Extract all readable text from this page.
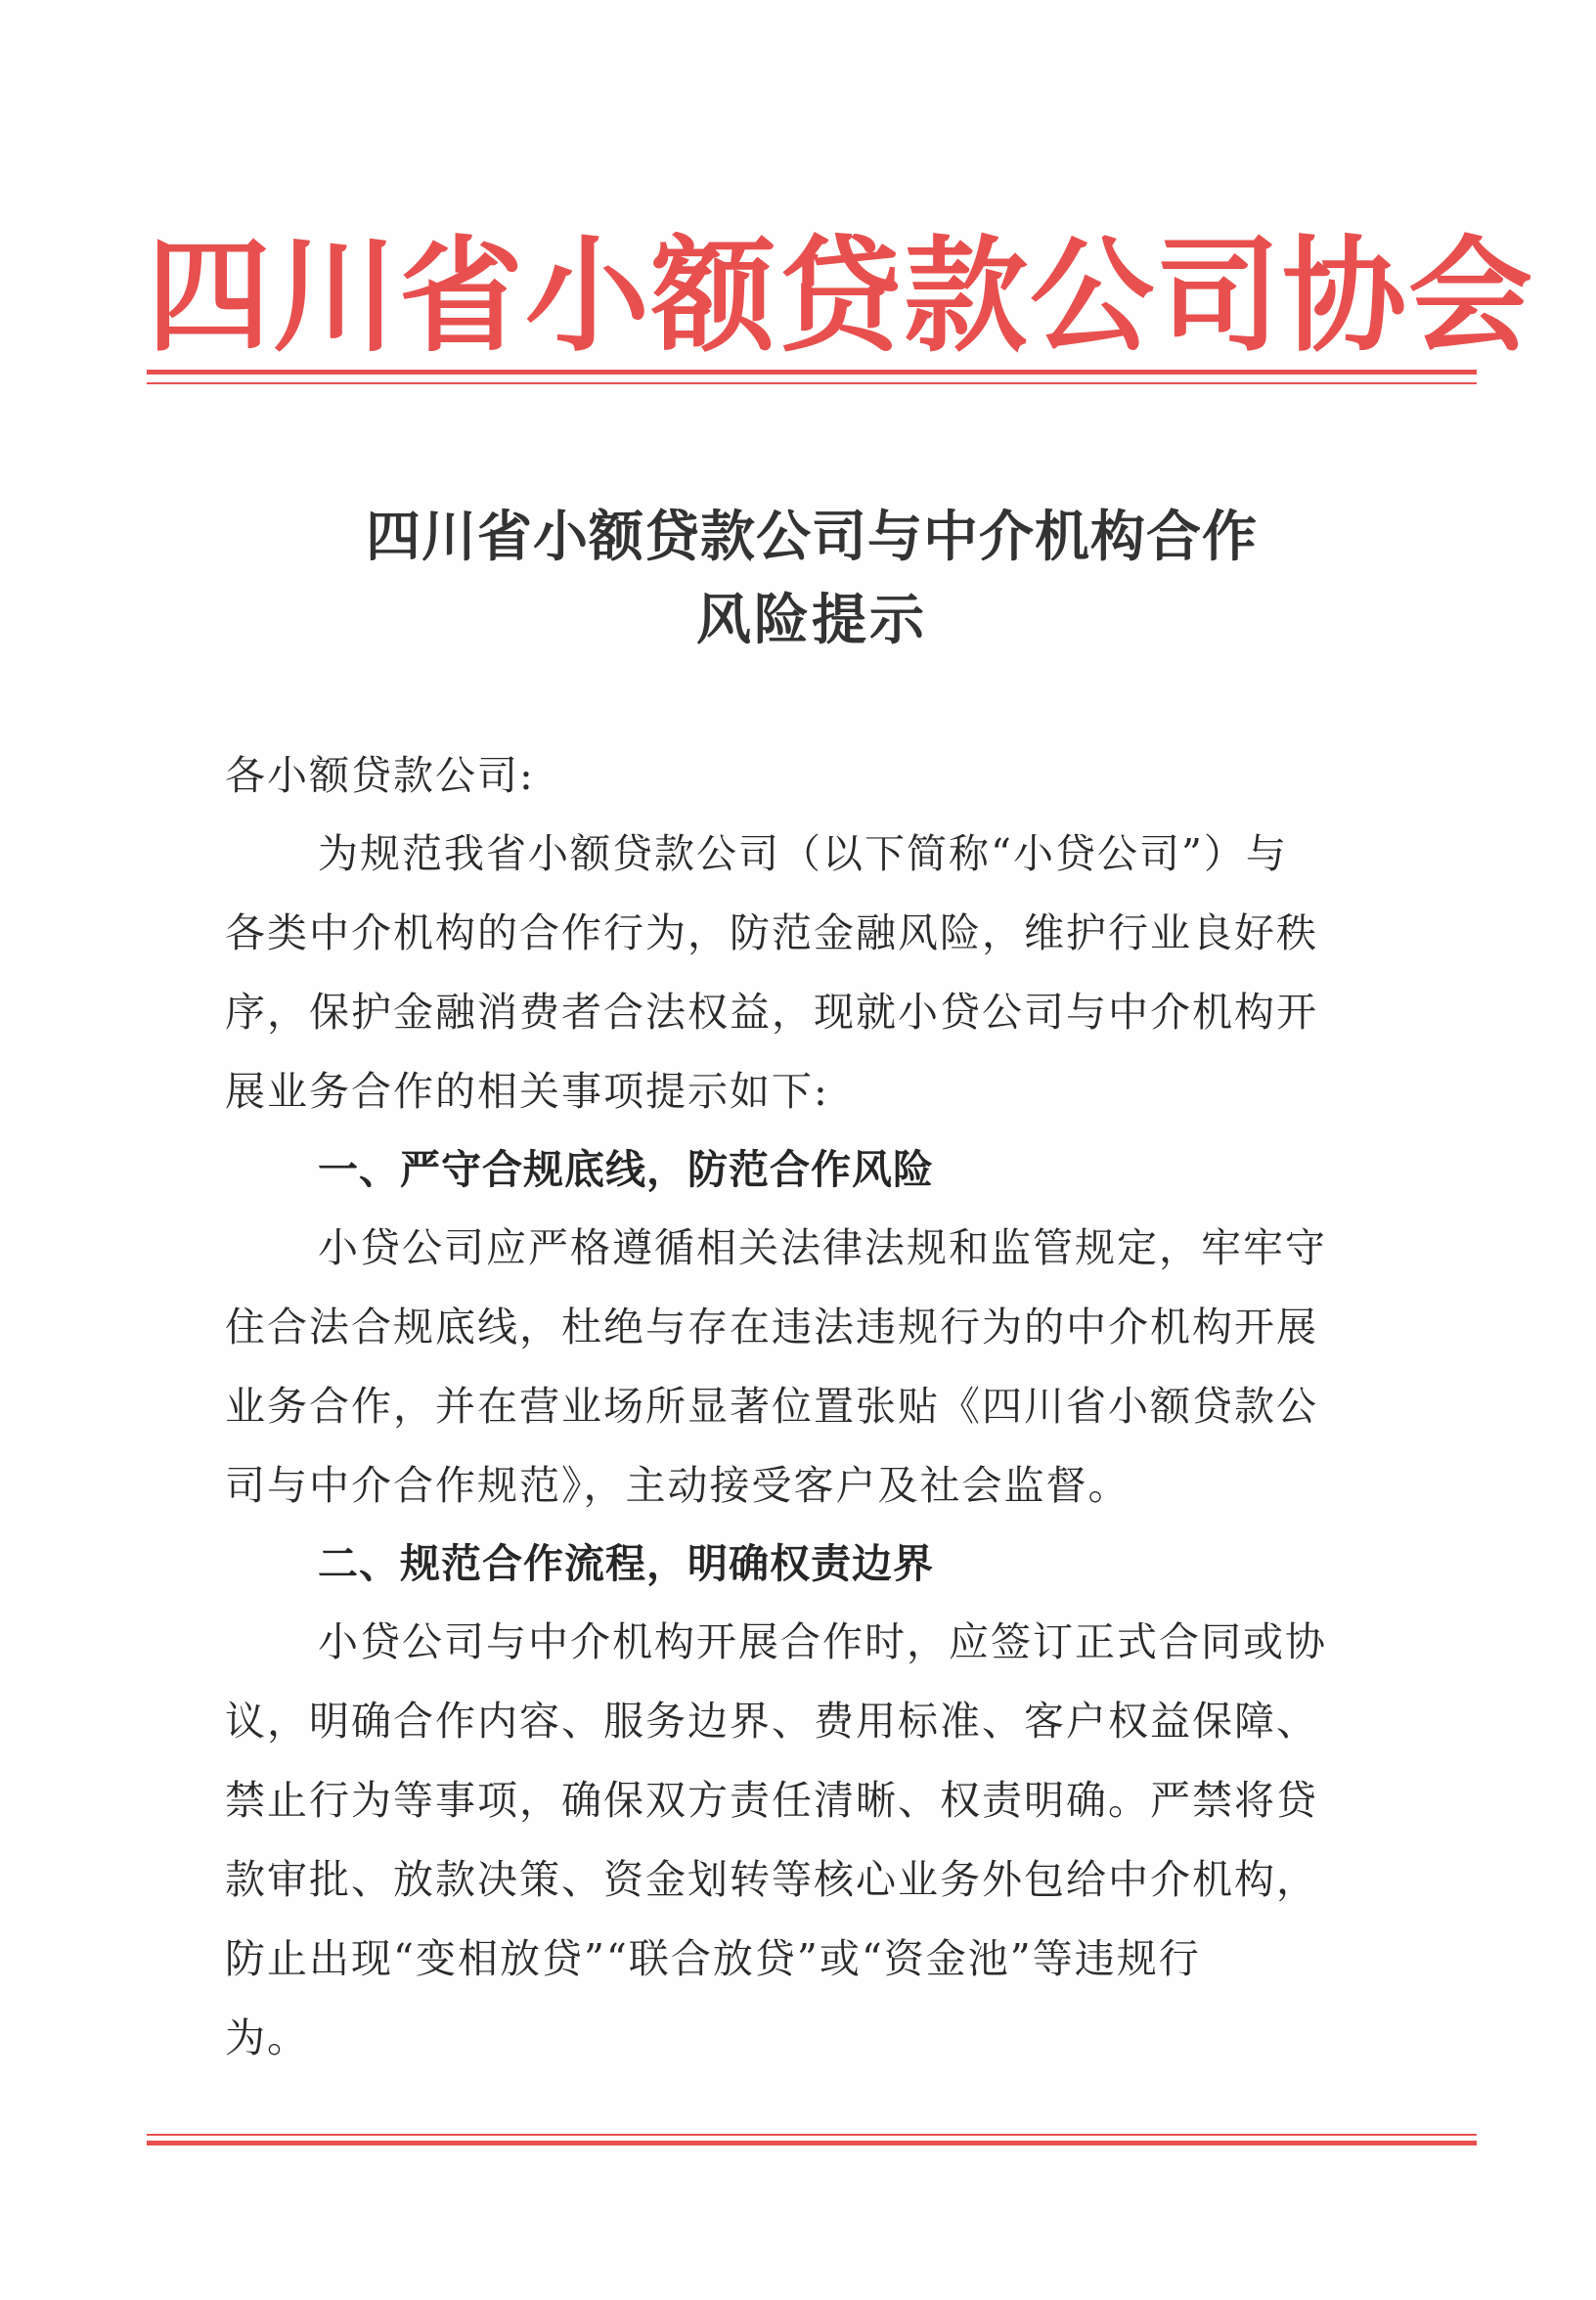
四川省小额贷款公司协会
四川省小额贷款公司与中介机构合作
风险提示
各小额贷款公司:
为规范我省小额贷款公司（以下简称“小贷公司”）与
各类中介机构的合作行为，防范金融风险，维护行业良好秩
序，保护金融消费者合法权益，现就小贷公司与中介机构开
展业务合作的相关事项提示如下:
一、严守合规底线，防范合作风险
小贷公司应严格遵循相关法律法规和监管规定，牢牢守
住合法合规底线，杜绝与存在违法违规行为的中介机构开展
业务合作，并在营业场所显著位置张贴《四川省小额贷款公
司与中介合作规范》，主动接受客户及社会监督。
二、规范合作流程，明确权责边界
小贷公司与中介机构开展合作时，应签订正式合同或协
议，明确合作内容、服务边界、费用标准、客户权益保障、
禁止行为等事项，确保双方责任清晰、权责明确。严禁将贷
款审批、放款决策、资金划转等核心业务外包给中介机构，
防止出现“变相放贷”“联合放贷”或“资金池”等违规行
为。
